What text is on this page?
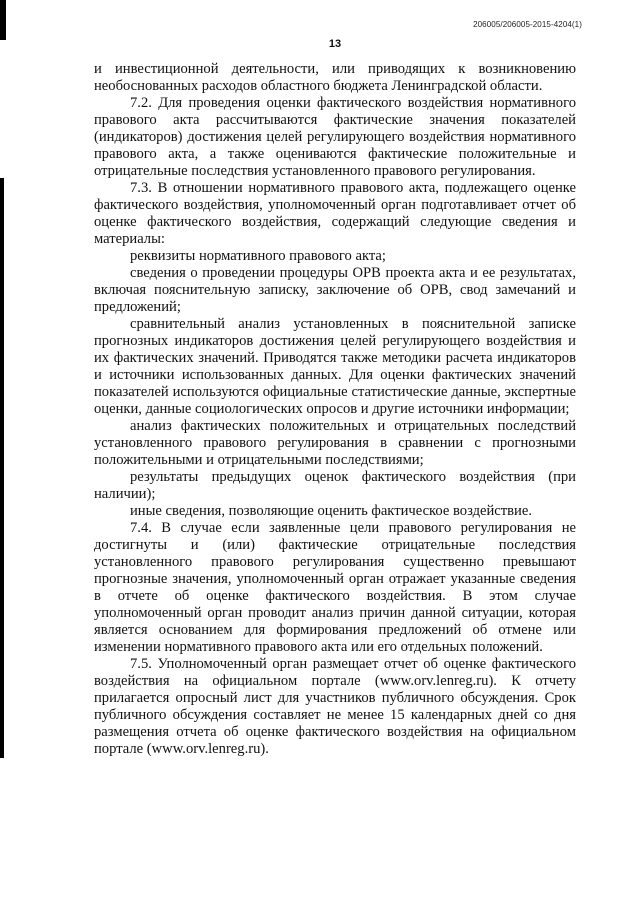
206005/206005-2015-4204(1)
13

и инвестиционной деятельности, или приводящих к возникновению необоснованных расходов областного бюджета Ленинградской области.

7.2. Для проведения оценки фактического воздействия нормативного правового акта рассчитываются фактические значения показателей (индикаторов) достижения целей регулирующего воздействия нормативного правового акта, а также оцениваются фактические положительные и отрицательные последствия установленного правового регулирования.

7.3. В отношении нормативного правового акта, подлежащего оценке фактического воздействия, уполномоченный орган подготавливает отчет об оценке фактического воздействия, содержащий следующие сведения и материалы:

реквизиты нормативного правового акта;

сведения о проведении процедуры ОРВ проекта акта и ее результатах, включая пояснительную записку, заключение об ОРВ, свод замечаний и предложений;

сравнительный анализ установленных в пояснительной записке прогнозных индикаторов достижения целей регулирующего воздействия и их фактических значений. Приводятся также методики расчета индикаторов и источники использованных данных. Для оценки фактических значений показателей используются официальные статистические данные, экспертные оценки, данные социологических опросов и другие источники информации;

анализ фактических положительных и отрицательных последствий установленного правового регулирования в сравнении с прогнозными положительными и отрицательными последствиями;

результаты предыдущих оценок фактического воздействия (при наличии);

иные сведения, позволяющие оценить фактическое воздействие.

7.4. В случае если заявленные цели правового регулирования не достигнуты и (или) фактические отрицательные последствия установленного правового регулирования существенно превышают прогнозные значения, уполномоченный орган отражает указанные сведения в отчете об оценке фактического воздействия. В этом случае уполномоченный орган проводит анализ причин данной ситуации, которая является основанием для формирования предложений об отмене или изменении нормативного правового акта или его отдельных положений.

7.5. Уполномоченный орган размещает отчет об оценке фактического воздействия на официальном портале (www.orv.lenreg.ru). К отчету прилагается опросный лист для участников публичного обсуждения. Срок публичного обсуждения составляет не менее 15 календарных дней со дня размещения отчета об оценке фактического воздействия на официальном портале (www.orv.lenreg.ru).
